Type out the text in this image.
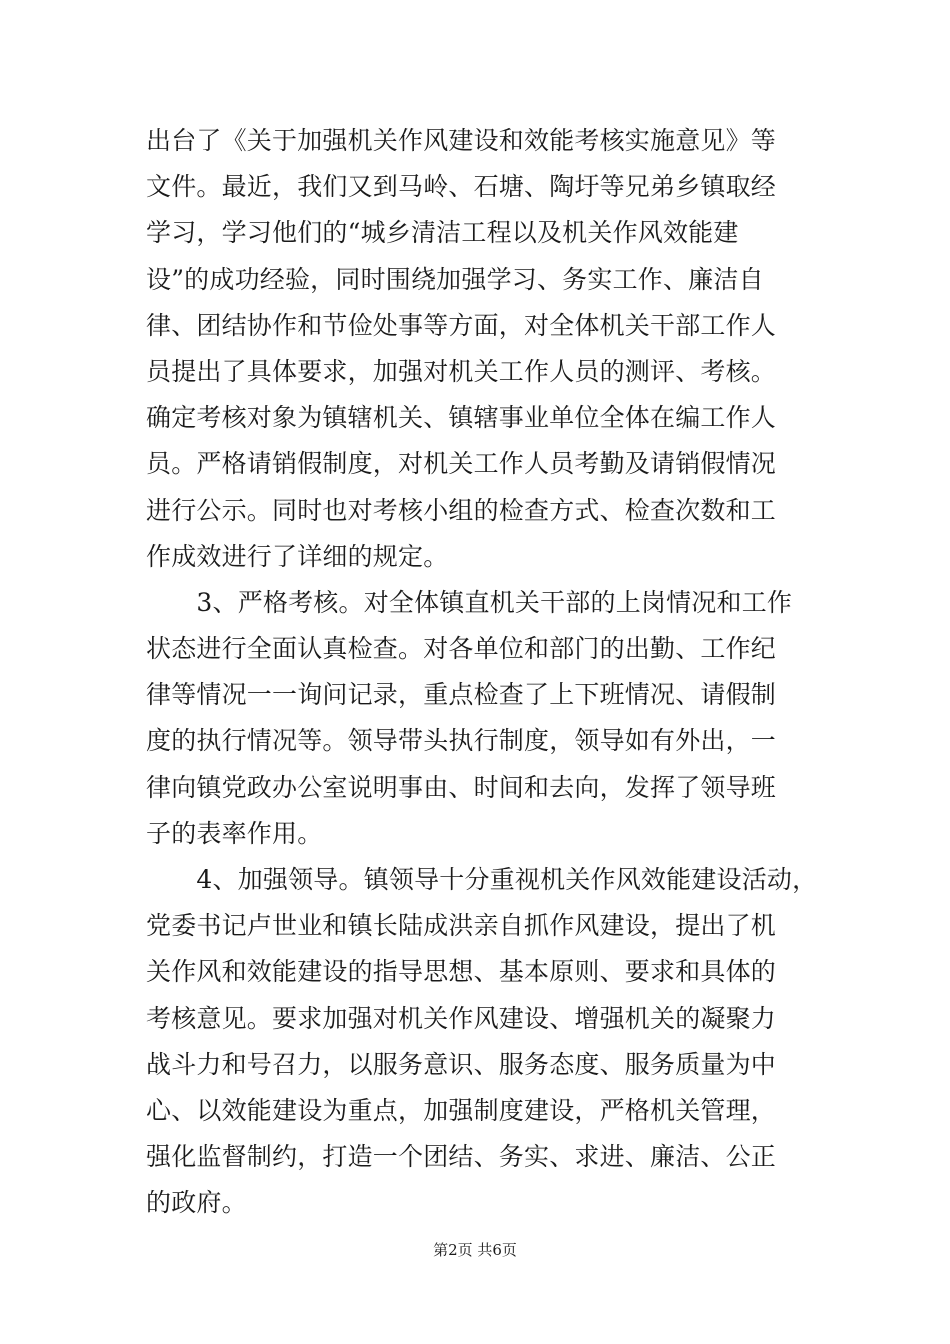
出台了《关于加强机关作风建设和效能考核实施意见》等
文件。最近，我们又到马岭、石塘、陶圩等兄弟乡镇取经
学习，学习他们的“城乡清洁工程以及机关作风效能建
设”的成功经验，同时围绕加强学习、务实工作、廉洁自
律、团结协作和节俭处事等方面，对全体机关干部工作人
员提出了具体要求，加强对机关工作人员的测评、考核。
确定考核对象为镇辖机关、镇辖事业单位全体在编工作人
员。严格请销假制度，对机关工作人员考勤及请销假情况
进行公示。同时也对考核小组的检查方式、检查次数和工
作成效进行了详细的规定。
　　3、严格考核。对全体镇直机关干部的上岗情况和工作
状态进行全面认真检查。对各单位和部门的出勤、工作纪
律等情况一一询问记录，重点检查了上下班情况、请假制
度的执行情况等。领导带头执行制度，领导如有外出，一
律向镇党政办公室说明事由、时间和去向，发挥了领导班
子的表率作用。
　　4、加强领导。镇领导十分重视机关作风效能建设活动，
党委书记卢世业和镇长陆成洪亲自抓作风建设，提出了机
关作风和效能建设的指导思想、基本原则、要求和具体的
考核意见。要求加强对机关作风建设、增强机关的凝聚力
战斗力和号召力，以服务意识、服务态度、服务质量为中
心、以效能建设为重点，加强制度建设，严格机关管理，
强化监督制约，打造一个团结、务实、求进、廉洁、公正
的政府。
第2页 共6页
